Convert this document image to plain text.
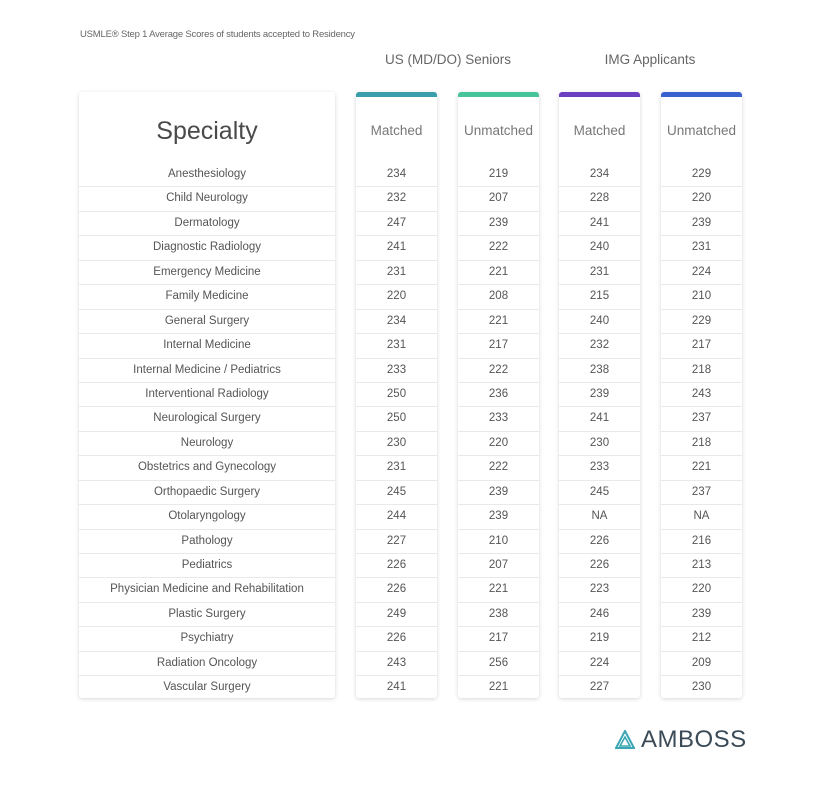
USMLE® Step 1 Average Scores of students accepted to Residency
US (MD/DO) Seniors	IMG Applicants
Specialty
Anesthesiology
Child Neurology
Dermatology
Diagnostic Radiology
Emergency Medicine
Family Medicine
General Surgery
Internal Medicine
Internal Medicine / Pediatrics
Interventional Radiology
Neurological Surgery
Neurology
Obstetrics and Gynecology
Orthopaedic Surgery
Otolaryngology
Pathology
Pediatrics
Physician Medicine and Rehabilitation
Plastic Surgery
Psychiatry
Radiation Oncology
Vascular Surgery
Matched
234
232
247
241
231
220
234
231
233
250
250
230
231
245
244
227
226
226
249
226
243
241
Unmatched
219
207
239
222
221
208
221
217
222
236
233
220
222
239
239
210
207
221
238
217
256
221
Matched
234
228
241
240
231
215
240
232
238
239
241
230
233
245
NA
226
226
223
246
219
224
227
Unmatched
229
220
239
231
224
210
229
217
218
243
237
218
221
237
NA
216
213
220
239
212
209
230
AMBOSS
